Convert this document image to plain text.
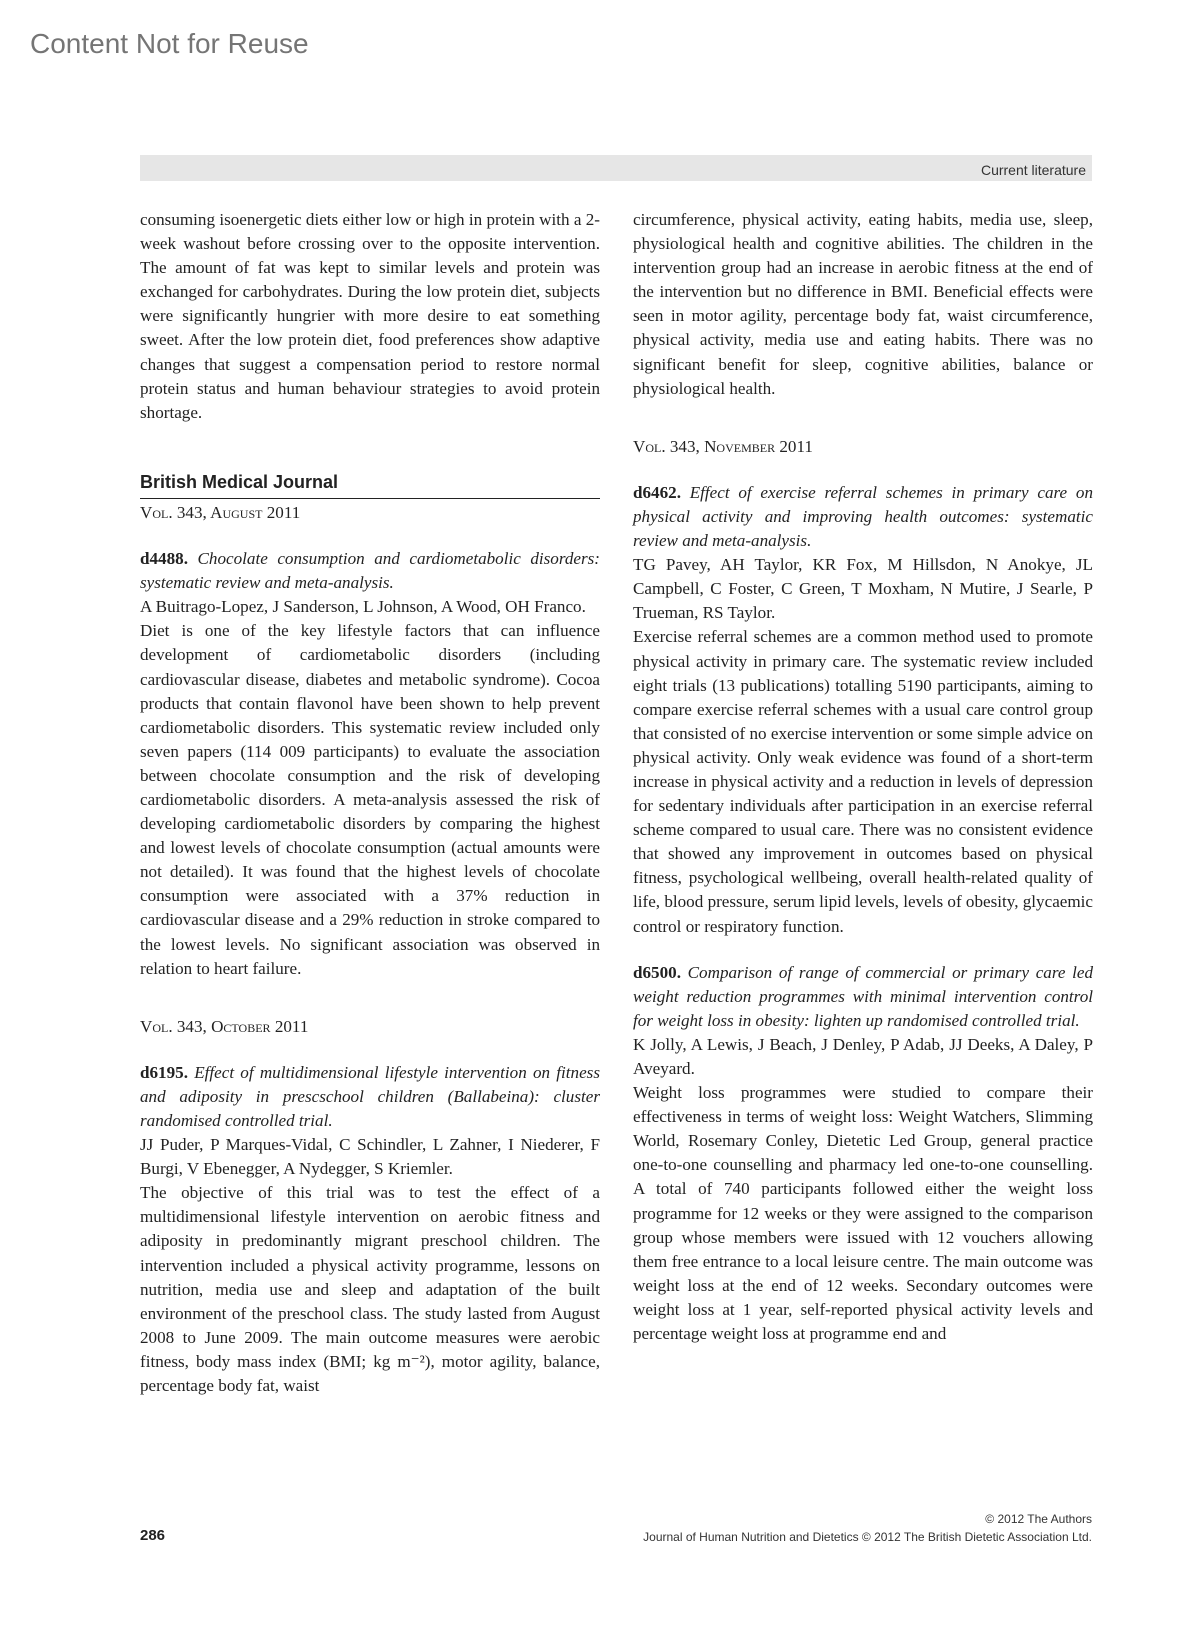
Content Not for Reuse
Current literature

consuming isoenergetic diets either low or high in protein with a 2-week washout before crossing over to the opposite intervention. The amount of fat was kept to similar levels and protein was exchanged for carbohydrates. During the low protein diet, subjects were significantly hungrier with more desire to eat something sweet. After the low protein diet, food preferences show adaptive changes that suggest a compensation period to restore normal protein status and human behaviour strategies to avoid protein shortage.

British Medical Journal

Vol. 343, August 2011

d4488. Chocolate consumption and cardiometabolic disorders: systematic review and meta-analysis.

A Buitrago-Lopez, J Sanderson, L Johnson, A Wood, OH Franco.

Diet is one of the key lifestyle factors that can influence development of cardiometabolic disorders (including cardiovascular disease, diabetes and metabolic syndrome). Cocoa products that contain flavonol have been shown to help prevent cardiometabolic disorders. This systematic review included only seven papers (114 009 participants) to evaluate the association between chocolate consumption and the risk of developing cardiometabolic disorders. A meta-analysis assessed the risk of developing cardiometabolic disorders by comparing the highest and lowest levels of chocolate consumption (actual amounts were not detailed). It was found that the highest levels of chocolate consumption were associated with a 37% reduction in cardiovascular disease and a 29% reduction in stroke compared to the lowest levels. No significant association was observed in relation to heart failure.

Vol. 343, October 2011

d6195. Effect of multidimensional lifestyle intervention on fitness and adiposity in prescschool children (Ballabeina): cluster randomised controlled trial.

JJ Puder, P Marques-Vidal, C Schindler, L Zahner, I Niederer, F Burgi, V Ebenegger, A Nydegger, S Kriemler.

The objective of this trial was to test the effect of a multidimensional lifestyle intervention on aerobic fitness and adiposity in predominantly migrant preschool children. The intervention included a physical activity programme, lessons on nutrition, media use and sleep and adaptation of the built environment of the preschool class. The study lasted from August 2008 to June 2009. The main outcome measures were aerobic fitness, body mass index (BMI; kg m⁻²), motor agility, balance, percentage body fat, waist

circumference, physical activity, eating habits, media use, sleep, physiological health and cognitive abilities. The children in the intervention group had an increase in aerobic fitness at the end of the intervention but no difference in BMI. Beneficial effects were seen in motor agility, percentage body fat, waist circumference, physical activity, media use and eating habits. There was no significant benefit for sleep, cognitive abilities, balance or physiological health.

Vol. 343, November 2011

d6462. Effect of exercise referral schemes in primary care on physical activity and improving health outcomes: systematic review and meta-analysis.

TG Pavey, AH Taylor, KR Fox, M Hillsdon, N Anokye, JL Campbell, C Foster, C Green, T Moxham, N Mutire, J Searle, P Trueman, RS Taylor.

Exercise referral schemes are a common method used to promote physical activity in primary care. The systematic review included eight trials (13 publications) totalling 5190 participants, aiming to compare exercise referral schemes with a usual care control group that consisted of no exercise intervention or some simple advice on physical activity. Only weak evidence was found of a short-term increase in physical activity and a reduction in levels of depression for sedentary individuals after participation in an exercise referral scheme compared to usual care. There was no consistent evidence that showed any improvement in outcomes based on physical fitness, psychological wellbeing, overall health-related quality of life, blood pressure, serum lipid levels, levels of obesity, glycaemic control or respiratory function.

d6500. Comparison of range of commercial or primary care led weight reduction programmes with minimal intervention control for weight loss in obesity: lighten up randomised controlled trial.

K Jolly, A Lewis, J Beach, J Denley, P Adab, JJ Deeks, A Daley, P Aveyard.

Weight loss programmes were studied to compare their effectiveness in terms of weight loss: Weight Watchers, Slimming World, Rosemary Conley, Dietetic Led Group, general practice one-to-one counselling and pharmacy led one-to-one counselling. A total of 740 participants followed either the weight loss programme for 12 weeks or they were assigned to the comparison group whose members were issued with 12 vouchers allowing them free entrance to a local leisure centre. The main outcome was weight loss at the end of 12 weeks. Secondary outcomes were weight loss at 1 year, self-reported physical activity levels and percentage weight loss at programme end and

286
© 2012 The Authors
Journal of Human Nutrition and Dietetics © 2012 The British Dietetic Association Ltd.
